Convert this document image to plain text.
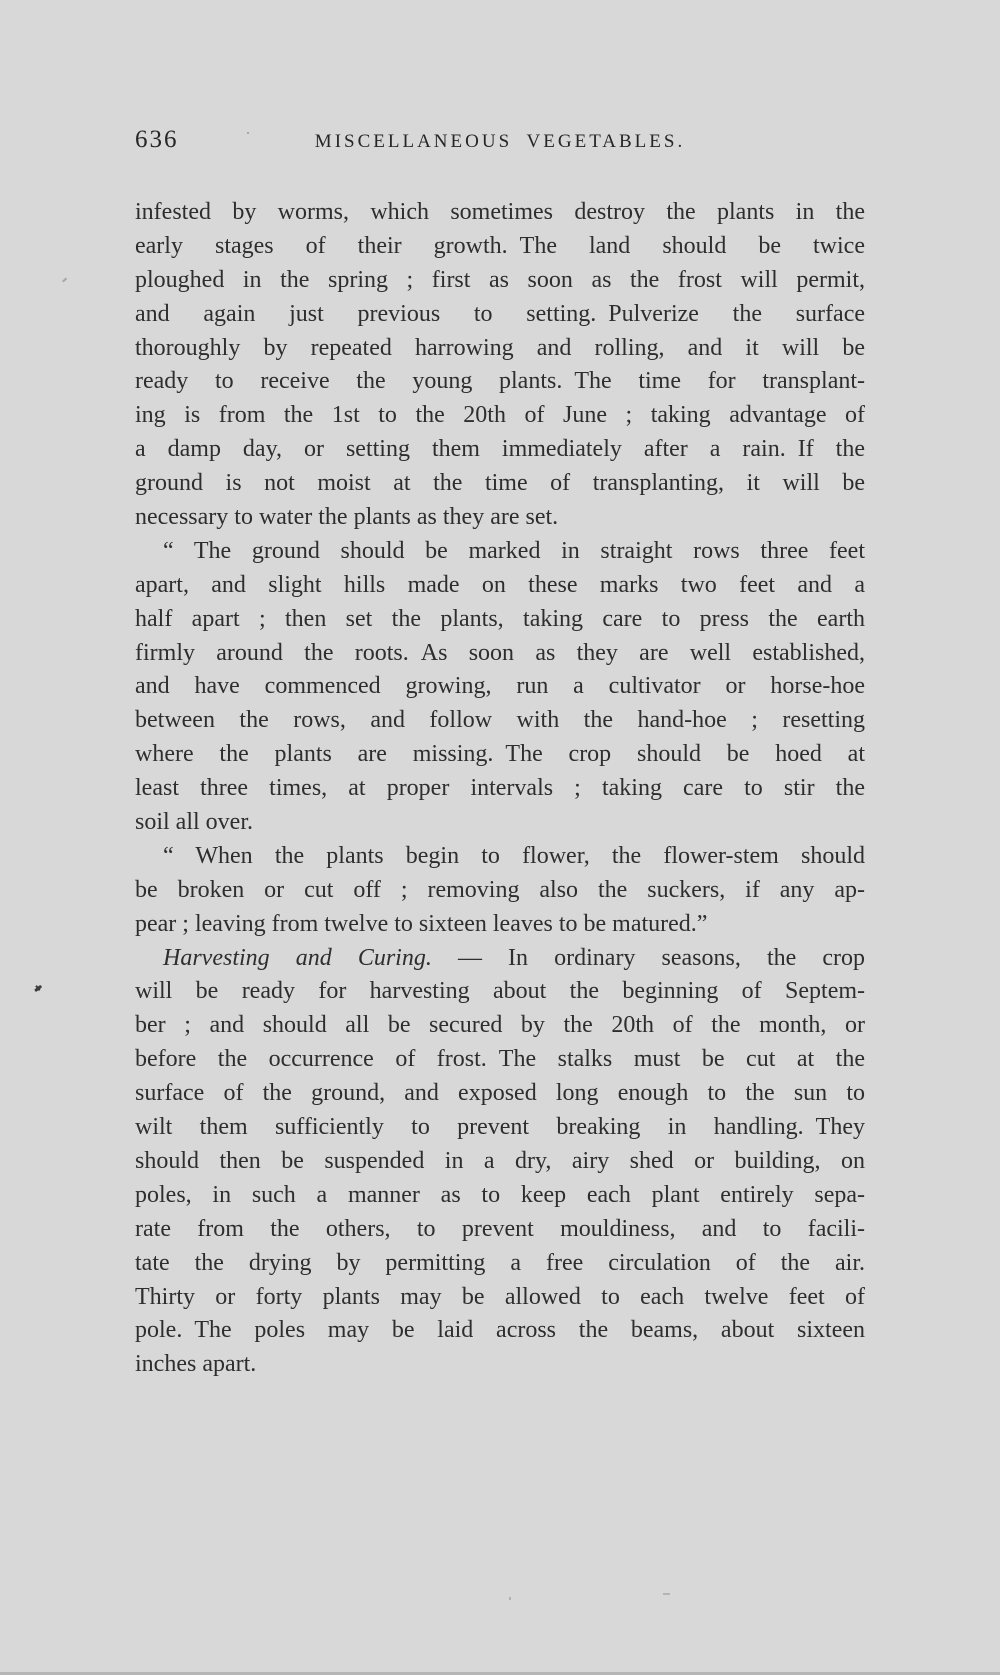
636	MISCELLANEOUS VEGETABLES.
infested by worms, which sometimes destroy the plants in the
early stages of their growth. The land should be twice
ploughed in the spring ; first as soon as the frost will permit,
and again just previous to setting. Pulverize the surface
thoroughly by repeated harrowing and rolling, and it will be
ready to receive the young plants. The time for transplant-
ing is from the 1st to the 20th of June ; taking advantage of
a damp day, or setting them immediately after a rain. If the
ground is not moist at the time of transplanting, it will be
necessary to water the plants as they are set.
“ The ground should be marked in straight rows three feet
apart, and slight hills made on these marks two feet and a
half apart ; then set the plants, taking care to press the earth
firmly around the roots. As soon as they are well established,
and have commenced growing, run a cultivator or horse-hoe
between the rows, and follow with the hand-hoe ; resetting
where the plants are missing. The crop should be hoed at
least three times, at proper intervals ; taking care to stir the
soil all over.
“ When the plants begin to flower, the flower-stem should
be broken or cut off ; removing also the suckers, if any ap-
pear ; leaving from twelve to sixteen leaves to be matured.”
Harvesting and Curing. — In ordinary seasons, the crop
will be ready for harvesting about the beginning of Septem-
ber ; and should all be secured by the 20th of the month, or
before the occurrence of frost. The stalks must be cut at the
surface of the ground, and exposed long enough to the sun to
wilt them sufficiently to prevent breaking in handling. They
should then be suspended in a dry, airy shed or building, on
poles, in such a manner as to keep each plant entirely sepa-
rate from the others, to prevent mouldiness, and to facili-
tate the drying by permitting a free circulation of the air.
Thirty or forty plants may be allowed to each twelve feet of
pole. The poles may be laid across the beams, about sixteen
inches apart.
